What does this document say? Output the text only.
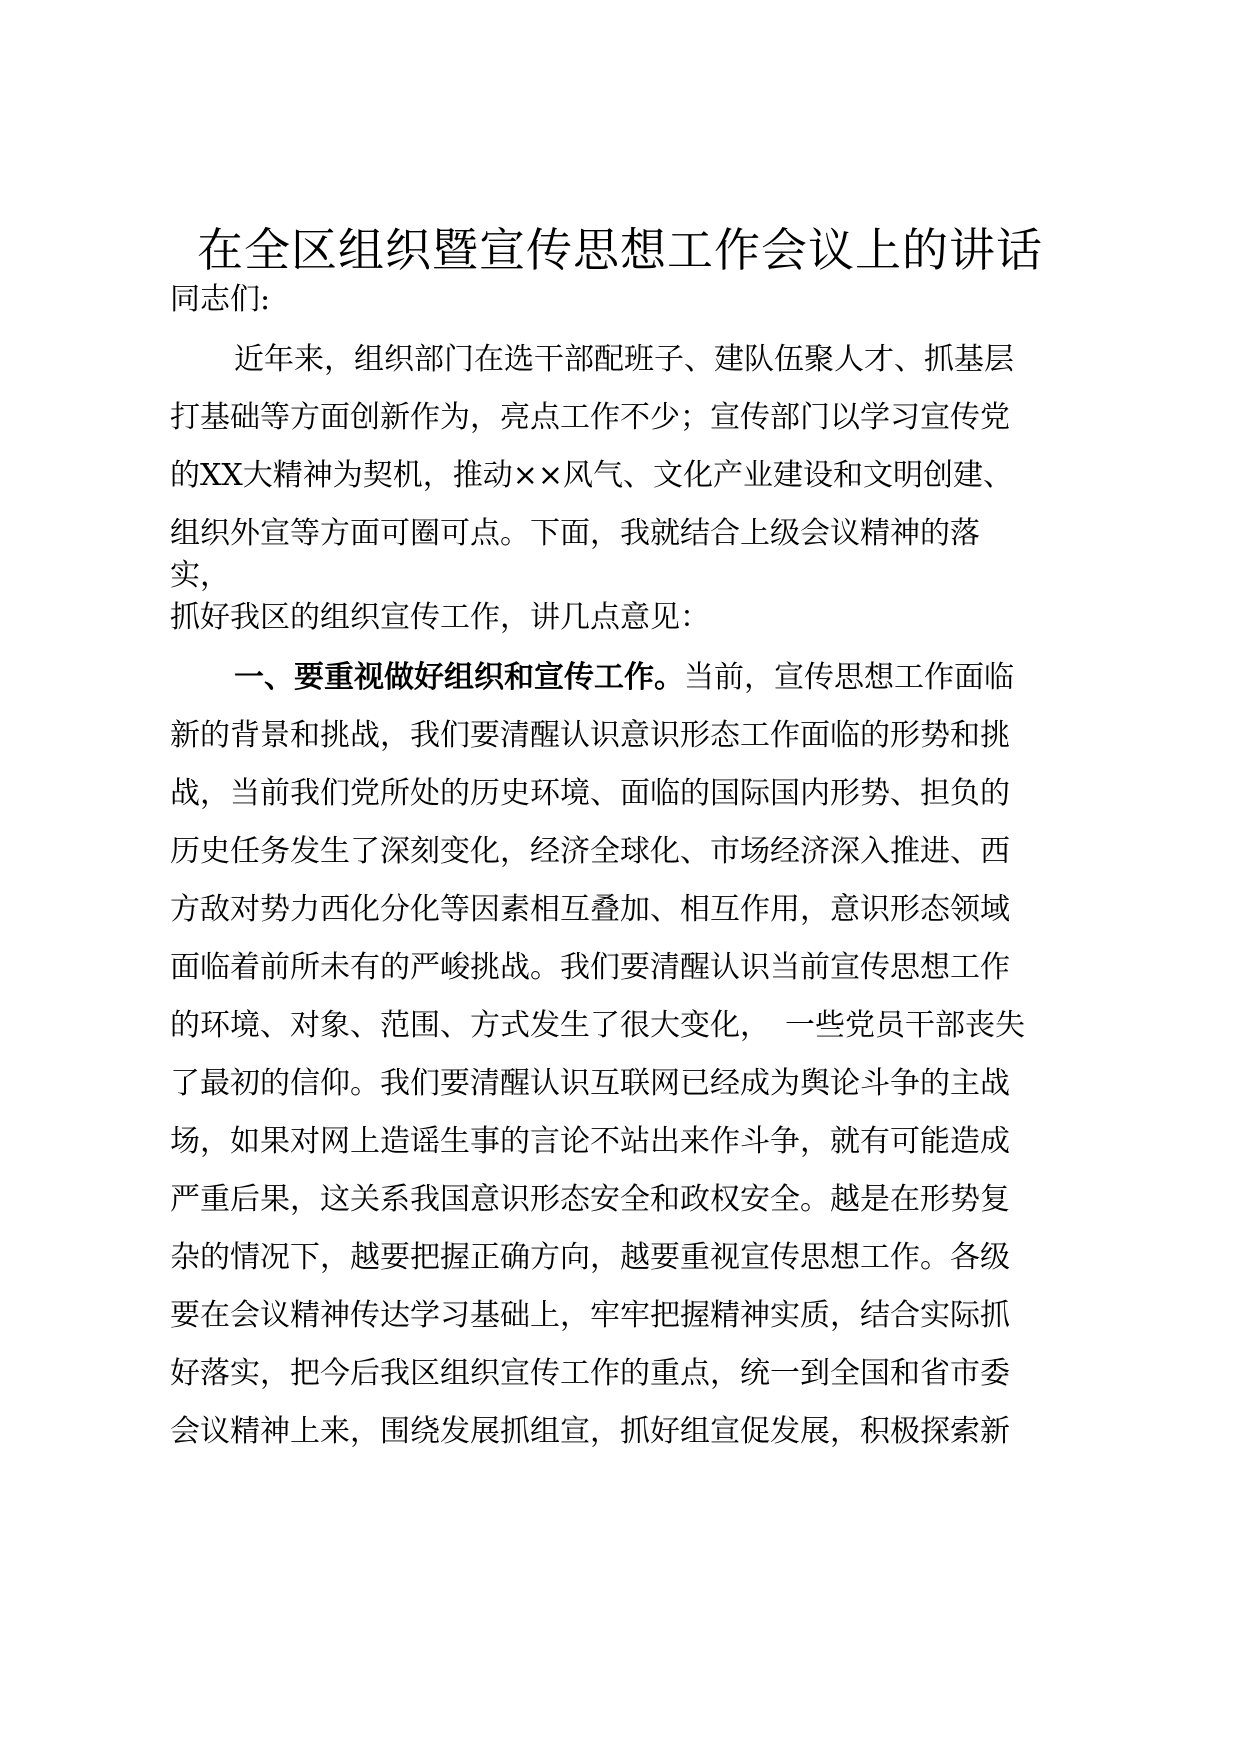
在全区组织暨宣传思想工作会议上的讲话
同志们:
近年来，组织部门在选干部配班子、建队伍聚人才、抓基层
打基础等方面创新作为，亮点工作不少；宣传部门以学习宣传党
的XX大精神为契机，推动××风气、文化产业建设和文明创建、
组织外宣等方面可圈可点。下面，我就结合上级会议精神的落
实，
抓好我区的组织宣传工作，讲几点意见：
一、要重视做好组织和宣传工作。当前，宣传思想工作面临
新的背景和挑战，我们要清醒认识意识形态工作面临的形势和挑
战，当前我们党所处的历史环境、面临的国际国内形势、担负的
历史任务发生了深刻变化，经济全球化、市场经济深入推进、西
方敌对势力西化分化等因素相互叠加、相互作用，意识形态领域
面临着前所未有的严峻挑战。我们要清醒认识当前宣传思想工作
的环境、对象、范围、方式发生了很大变化，　一些党员干部丧失
了最初的信仰。我们要清醒认识互联网已经成为舆论斗争的主战
场，如果对网上造谣生事的言论不站出来作斗争，就有可能造成
严重后果，这关系我国意识形态安全和政权安全。越是在形势复
杂的情况下，越要把握正确方向，越要重视宣传思想工作。各级
要在会议精神传达学习基础上，牢牢把握精神实质，结合实际抓
好落实，把今后我区组织宣传工作的重点，统一到全国和省市委
会议精神上来，围绕发展抓组宣，抓好组宣促发展，积极探索新
